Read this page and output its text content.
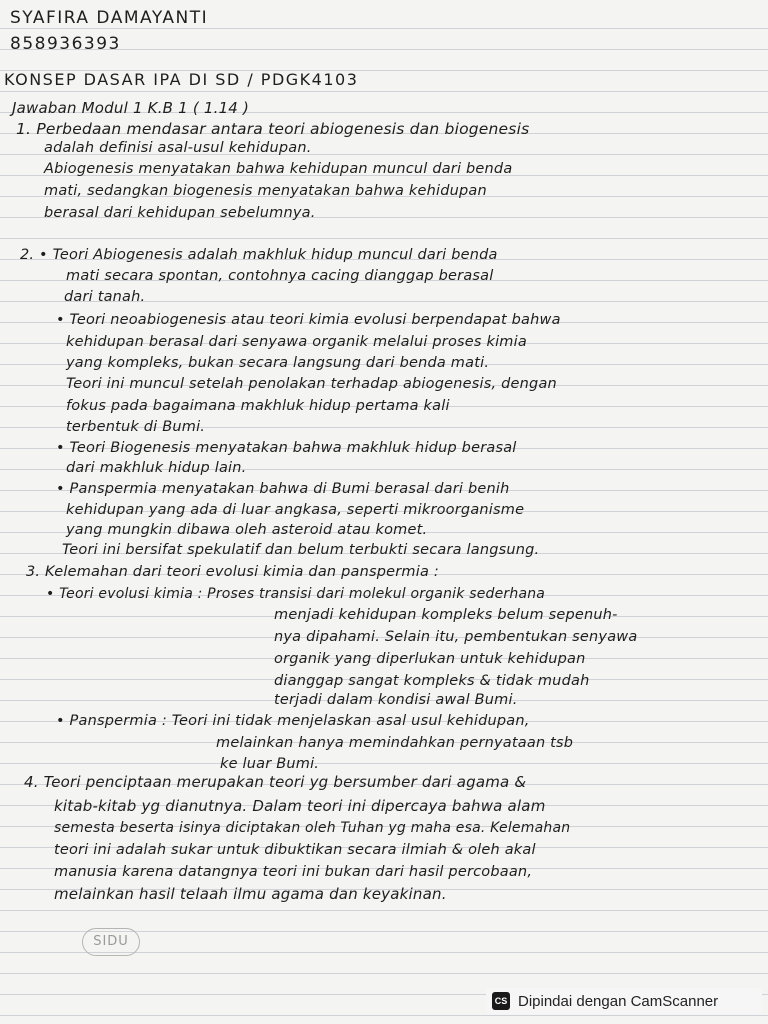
SYAFIRA DAMAYANTI
858936393
KONSEP DASAR IPA DI SD / PDGK4103
Jawaban Modul 1 K.B 1 ( 1.14 )
1. Perbedaan mendasar antara teori abiogenesis dan biogenesis
adalah definisi asal-usul kehidupan.
Abiogenesis menyatakan bahwa kehidupan muncul dari benda
mati, sedangkan biogenesis menyatakan bahwa kehidupan
berasal dari kehidupan sebelumnya.
2. • Teori Abiogenesis adalah makhluk hidup muncul dari benda
mati secara spontan, contohnya cacing dianggap berasal
dari tanah.
• Teori neoabiogenesis atau teori kimia evolusi berpendapat bahwa
kehidupan berasal dari senyawa organik melalui proses kimia
yang kompleks, bukan secara langsung dari benda mati.
Teori ini muncul setelah penolakan terhadap abiogenesis, dengan
fokus pada bagaimana makhluk hidup pertama kali
terbentuk di Bumi.
• Teori Biogenesis menyatakan bahwa makhluk hidup berasal
dari makhluk hidup lain.
• Panspermia menyatakan bahwa di Bumi berasal dari benih
kehidupan yang ada di luar angkasa, seperti mikroorganisme
yang mungkin dibawa oleh asteroid atau komet.
Teori ini bersifat spekulatif dan belum terbukti secara langsung.
3. Kelemahan dari teori evolusi kimia dan panspermia :
• Teori evolusi kimia : Proses transisi dari molekul organik sederhana
menjadi kehidupan kompleks belum sepenuh-
nya dipahami. Selain itu, pembentukan senyawa
organik yang diperlukan untuk kehidupan
dianggap sangat kompleks & tidak mudah
terjadi dalam kondisi awal Bumi.
• Panspermia : Teori ini tidak menjelaskan asal usul kehidupan,
melainkan hanya memindahkan pernyataan tsb
ke luar Bumi.
4. Teori penciptaan merupakan teori yg bersumber dari agama &
kitab-kitab yg dianutnya. Dalam teori ini dipercaya bahwa alam
semesta beserta isinya diciptakan oleh Tuhan yg maha esa. Kelemahan
teori ini adalah sukar untuk dibuktikan secara ilmiah & oleh akal
manusia karena datangnya teori ini bukan dari hasil percobaan,
melainkan hasil telaah ilmu agama dan keyakinan.
SIDU
CS Dipindai dengan CamScanner
